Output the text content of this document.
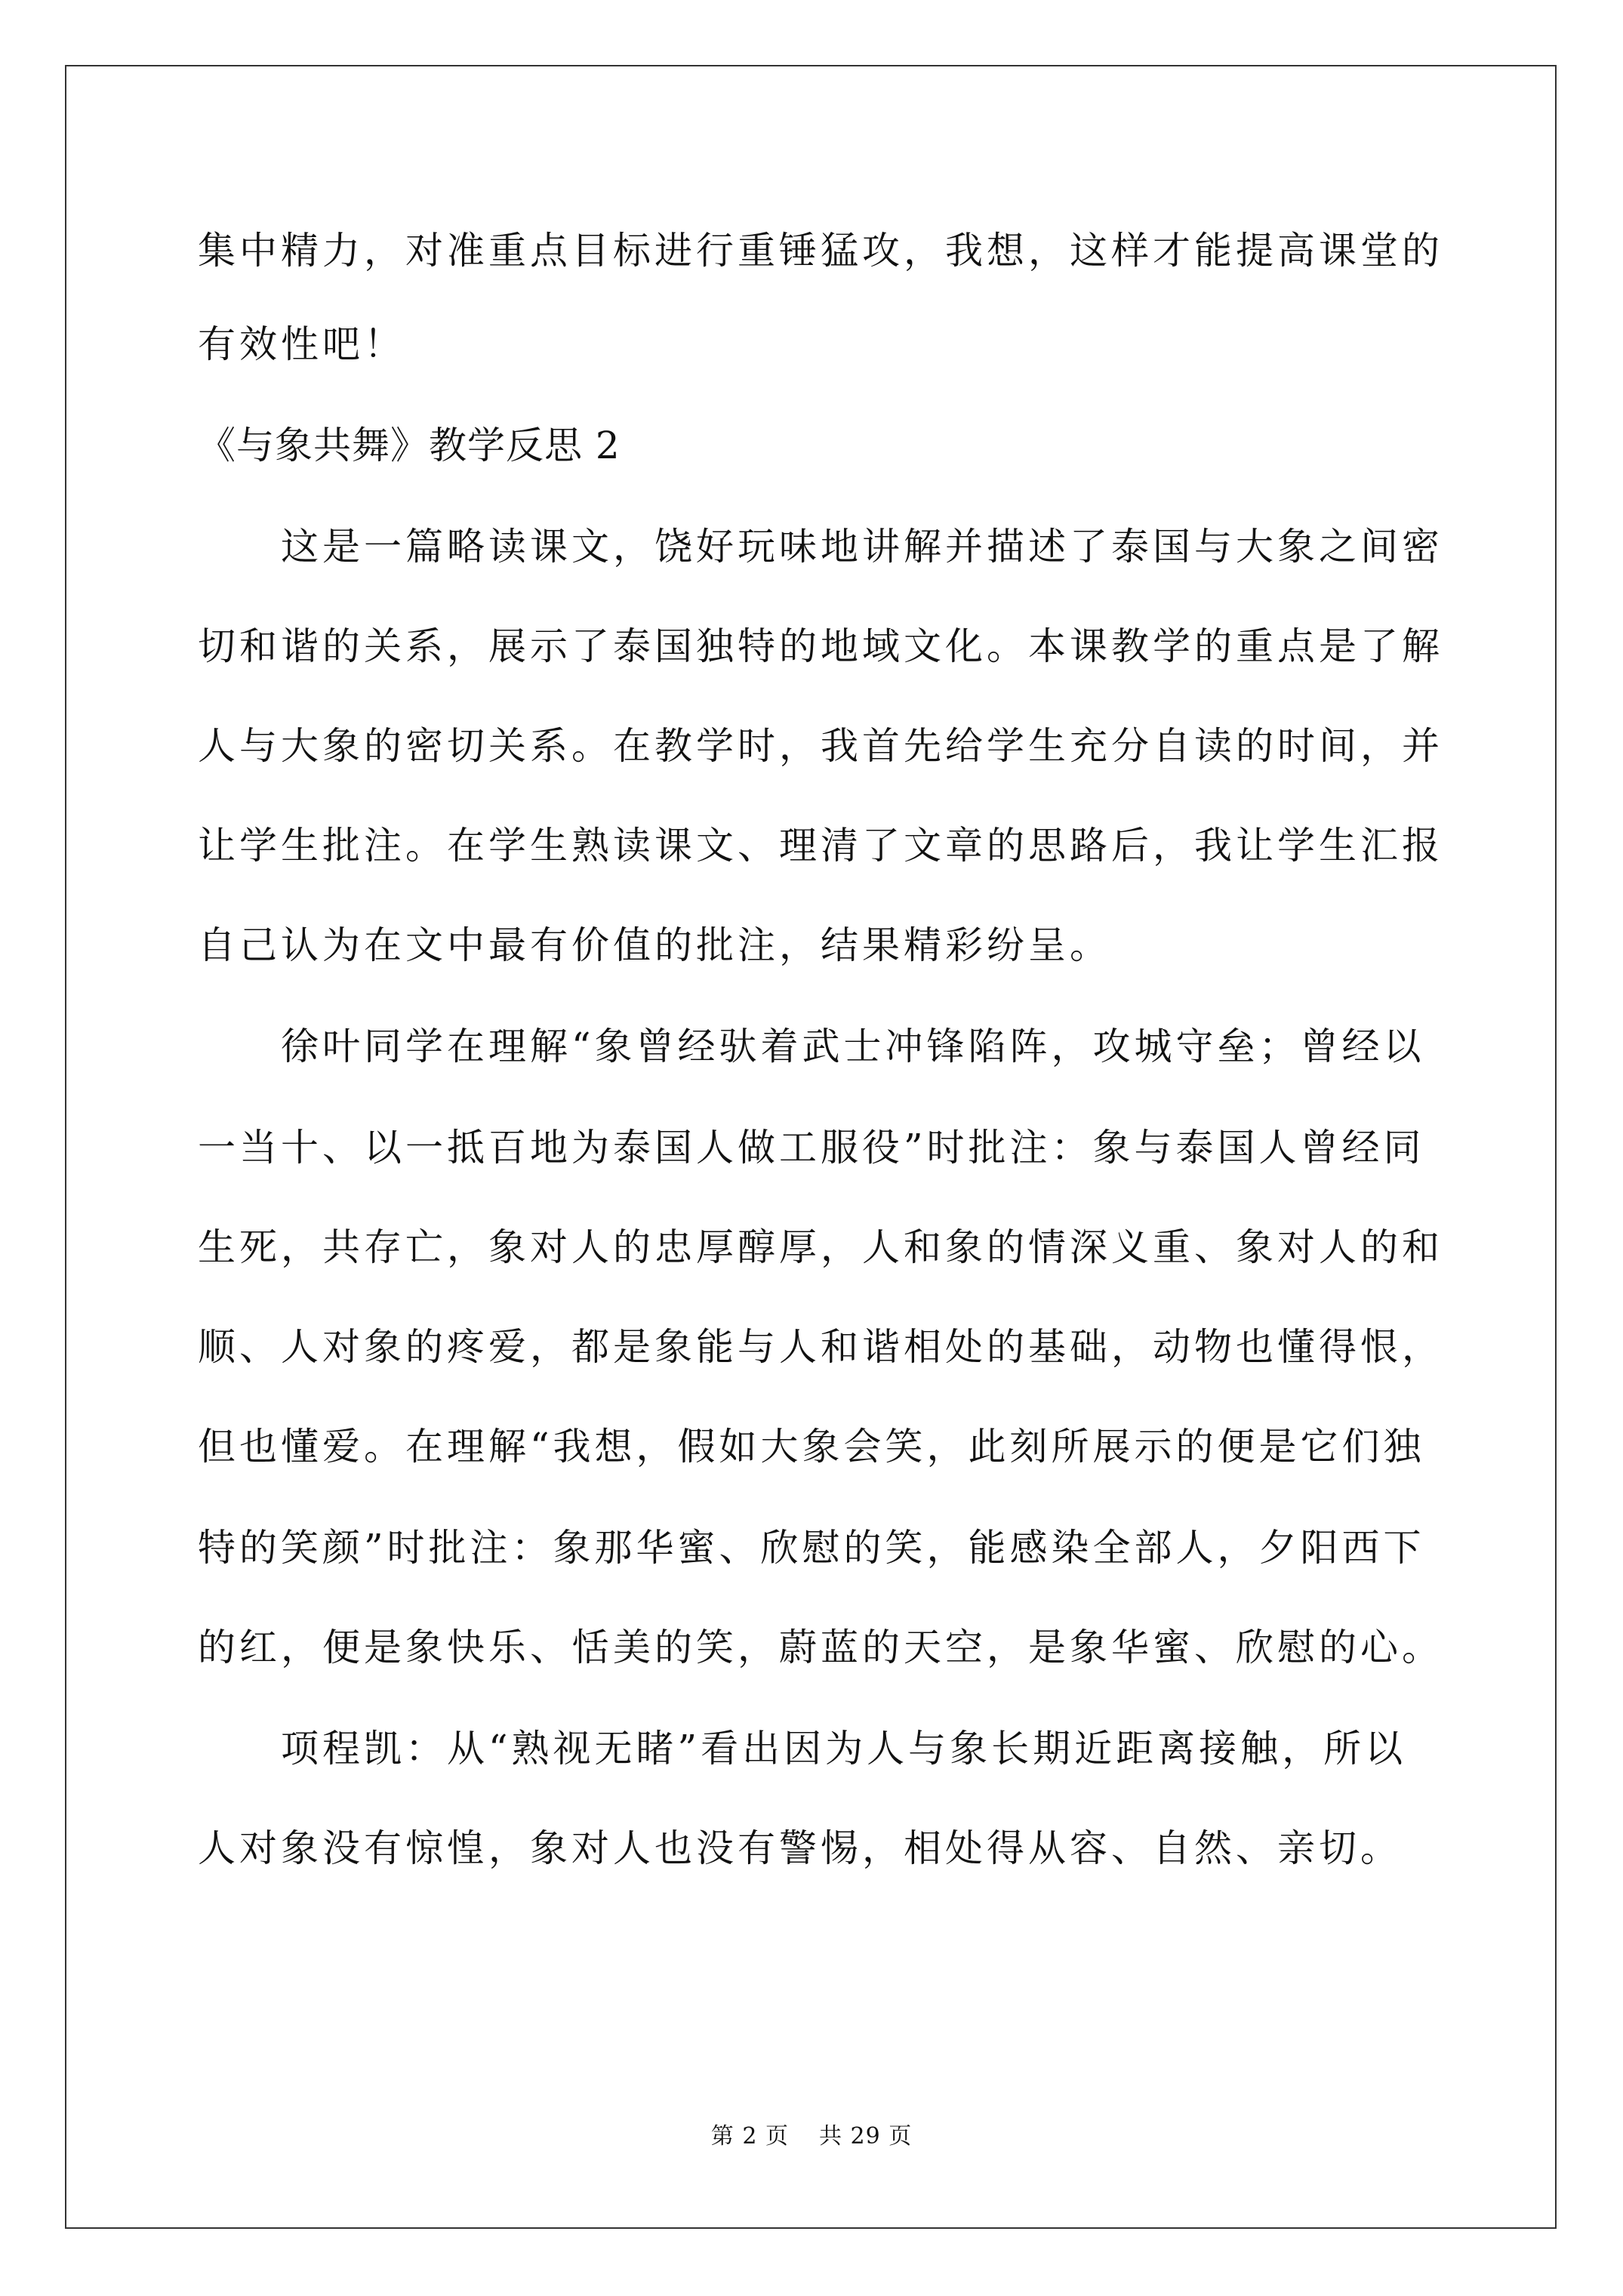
集中精力，对准重点目标进行重锤猛攻，我想，这样才能提高课堂的

有效性吧！

《与象共舞》教学反思 2

这是一篇略读课文，饶好玩味地讲解并描述了泰国与大象之间密

切和谐的关系，展示了泰国独特的地域文化。本课教学的重点是了解

人与大象的密切关系。在教学时，我首先给学生充分自读的时间，并

让学生批注。在学生熟读课文、理清了文章的思路后，我让学生汇报

自己认为在文中最有价值的批注，结果精彩纷呈。

徐叶同学在理解“象曾经驮着武士冲锋陷阵，攻城守垒；曾经以

一当十、以一抵百地为泰国人做工服役”时批注：象与泰国人曾经同

生死，共存亡，象对人的忠厚醇厚，人和象的情深义重、象对人的和

顺、人对象的疼爱，都是象能与人和谐相处的基础，动物也懂得恨，

但也懂爱。在理解“我想，假如大象会笑，此刻所展示的便是它们独

特的笑颜”时批注：象那华蜜、欣慰的笑，能感染全部人，夕阳西下

的红，便是象快乐、恬美的笑，蔚蓝的天空，是象华蜜、欣慰的心。

项程凯：从“熟视无睹”看出因为人与象长期近距离接触，所以

人对象没有惊惶，象对人也没有警惕，相处得从容、自然、亲切。

第 2 页 共 29 页
